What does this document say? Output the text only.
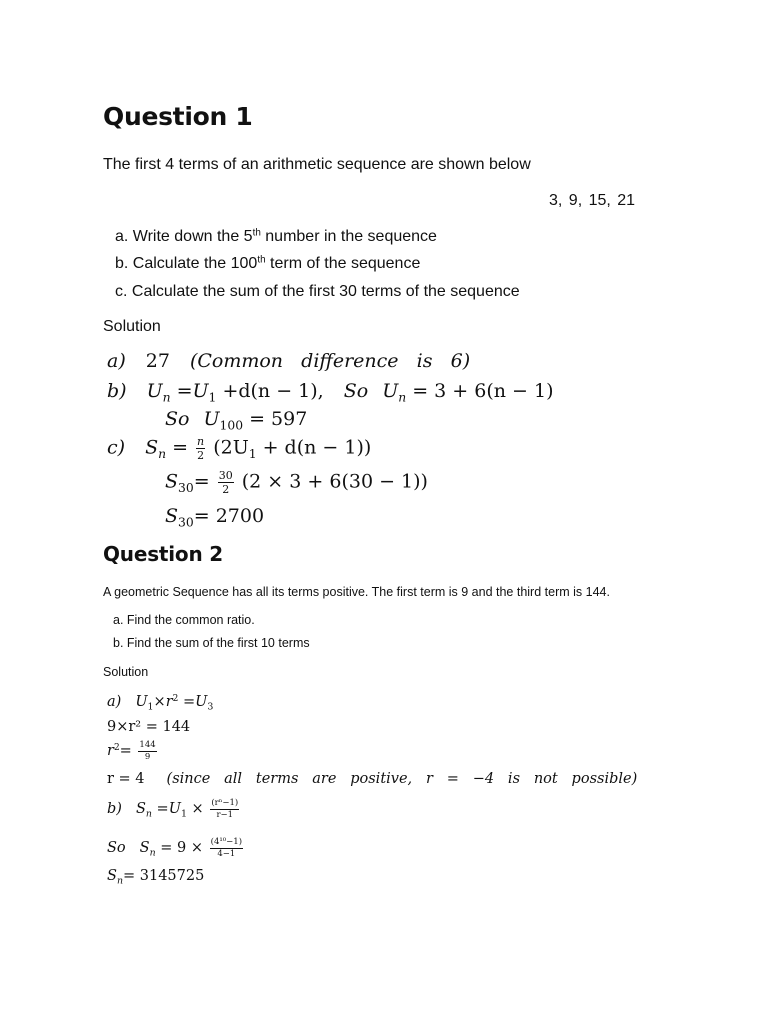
Question 1
The first 4 terms of an arithmetic sequence are shown below
3, 9, 15, 21
a. Write down the 5th number in the sequence
b. Calculate the 100th term of the sequence
c. Calculate the sum of the first 30 terms of the sequence
Solution
a) 27 (Common   difference   is   6)
b) $U_n =U_1 +d(n - 1)$, So $U_n = 3 + 6(n - 1)$
So $U_{100} = 597$
c) $S_n = \frac{n}{2} (2U_1 + d(n - 1))$
$S_{30}= \frac{30}{2} (2 \times 3 + 6(30 - 1))$
$S_{30}= 2700$
Question 2
A geometric Sequence has all its terms positive. The first term is 9 and the third term is 144.
a. Find the common ratio.
b. Find the sum of the first 10 terms
Solution
a) $U_1\times r^2 =U_3$
9×r² = 144
$r^2= \frac{144}{9}$
r = 4 (since   all   terms   are   positive,   r   =   −4   is   not   possible)
b) $S_n =U_1 \times \frac{\text{(rⁿ−1)}}{r-1}$
So $S_n = 9 \times \frac{\text{(4¹⁰−1)}}{4-1}$
$S_n= 3145725$
